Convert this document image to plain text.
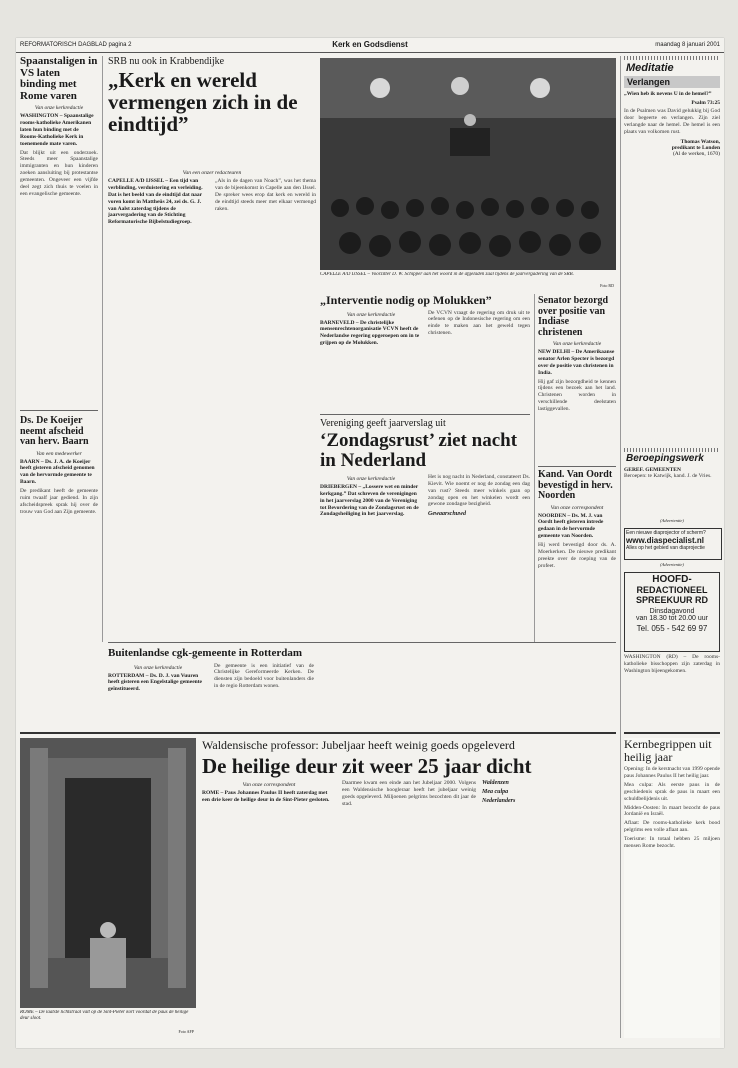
REFORMATORISCH DAGBLAD pagina 2	Kerk en Godsdienst	maandag 8 januari 2001
Spaanstaligen in VS laten binding met Rome varen
Van onze kerkredactie

WASHINGTON – Spaanstalige rooms-katholieke Amerikanen laten hun binding met de Rooms-Katholieke Kerk in toenemende mate varen.

Dat blijkt uit een onderzoek. Steeds meer Spaanstalige immigranten en hun kinderen zoeken aansluiting bij protestantse gemeenten. Ongeveer een vijfde deel zegt zich thuis te voelen in een evangelische gemeente.

Ds. De Koeijer neemt afscheid van herv. Baarn
Van een medewerker

BAARN – Ds. J. A. de Koeijer heeft gisteren afscheid genomen van de hervormde gemeente te Baarn.

De predikant heeft de gemeente ruim twaalf jaar gediend. In zijn afscheidspreek sprak hij over de trouw van God aan Zijn gemeente.

SRB nu ook in Krabbendijke
„Kerk en wereld vermengen zich in de eindtijd”
Van een onzer redacteuren

CAPELLE A/D IJSSEL – Een tijd van verblinding, verduistering en verleiding. Dat is het beeld van de eindtijd dat naar voren komt in Mattheüs 24, zei ds. G. J. van Aalst zaterdag tijdens de jaarvergadering van de Stichting Reformatorische Bijbelstudiegroep.

„Als in de dagen van Noach”, was het thema van de bijeenkomst in Capelle aan den IJssel. De spreker wees erop dat kerk en wereld in de eindtijd steeds meer met elkaar vermengd raken.

CAPELLE A/D IJSSEL – Voorzitter D. W. Schipper aan het woord in de afgeladen zaal tijdens de jaarvergadering van de SRB.
Foto RD
„Interventie nodig op Molukken”
Van onze kerkredactie

BARNEVELD – De christelijke mensenrechtenorganisatie VCVN heeft de Nederlandse regering opgeroepen om in te grijpen op de Molukken.

De VCVN vraagt de regering om druk uit te oefenen op de Indonesische regering om een einde te maken aan het geweld tegen christenen.

Vereniging geeft jaarverslag uit
‘Zondagsrust’ ziet nacht in Nederland
Van onze kerkredactie

DRIEBERGEN – „Lossere wet en minder kerkgang.” Dat schreven de verenigingen in het jaarverslag 2000 van de Vereniging tot Bevordering van de Zondagsrust en de Zondagsheiliging in het jaarverslag.

Het is nog nacht in Nederland, constateert Ds. Kievit. Wie noemt er nog de zondag een dag van rust? Steeds meer winkels gaan op zondag open en het winkelen wordt een gewone zondagse bezigheid.

Gewaarschuwd
Senator bezorgd over positie van Indiase christenen
Van onze kerkredactie

NEW DELHI – De Amerikaanse senator Arlen Specter is bezorgd over de positie van christenen in India.

Hij gaf zijn bezorgdheid te kennen tijdens een bezoek aan het land. Christenen worden in verschillende deelstaten lastiggevallen.

Kand. Van Oordt bevestigd in herv. Noorden
Van onze correspondent

NOORDEN – Ds. M. J. van Oordt heeft gisteren intrede gedaan in de hervormde gemeente van Noorden.

Hij werd bevestigd door ds. A. Moerkerken. De nieuwe predikant preekte over de roeping van de profeet.

Buitenlandse cgk-gemeente in Rotterdam
Van onze kerkredactie

ROTTERDAM – Ds. D. J. van Vuuren heeft gisteren een Engelstalige gemeente geïnstitueerd.

De gemeente is een initiatief van de Christelijke Gereformeerde Kerken. De diensten zijn bedoeld voor buitenlanders die in de regio Rotterdam wonen.

ROME – De laatste lichtstraal valt op de Sint-Pieter kort voordat de paus de heilige deur sloot.
Foto AFP
Waldensische professor: Jubeljaar heeft weinig goeds opgeleverd
De heilige deur zit weer 25 jaar dicht
Van onze correspondent

ROME – Paus Johannes Paulus II heeft zaterdag met een drie keer de heilige deur in de Sint-Pieter gesloten.

Daarmee kwam een einde aan het Jubeljaar 2000. Volgens een Waldensische hoogleraar heeft het jubeljaar weinig goeds opgeleverd. Miljoenen pelgrims bezochten dit jaar de stad.

Waldenzen
Mea culpa
Nederlanders
Meditatie
Verlangen

„Wien heb ik nevens U in de hemel?”

Psalm 73:25

In de Psalmen was David gelukkig bij God door begeerte en verlangen. Zijn ziel verlangde naar de hemel. De hemel is een plaats van volkomen rust.

Thomas Watson,
predikant te Londen
(Al de werken, 1670)
Beroepingswerk
GEREF. GEMEENTEN

Beroepen: te Katwijk, kand. J. de Vries.

(Advertentie)
Een nieuwe diaprojector of scherm?
www.diaspecialist.nl
Alles op het gebied van diaprojectie
(Advertentie)
HOOFD-
REDACTIONEEL
SPREEKUUR RD
Dinsdagavond
van 18.30 tot 20.00 uur
Tel. 055 - 542 69 97

WASHINGTON (RD) – De rooms-katholieke bisschoppen zijn zaterdag in Washington bijeengekomen.

Kernbegrippen uit heilig jaar

Opening: In de kerstnacht van 1999 opende paus Johannes Paulus II het heilig jaar.

Mea culpa: Als eerste paus in de geschiedenis sprak de paus in maart een schuldbelijdenis uit.

Midden-Oosten: In maart bezocht de paus Jordanië en Israël.

Aflaat: De rooms-katholieke kerk bood pelgrims een volle aflaat aan.

Toerisme: In totaal hebben 25 miljoen mensen Rome bezocht.
